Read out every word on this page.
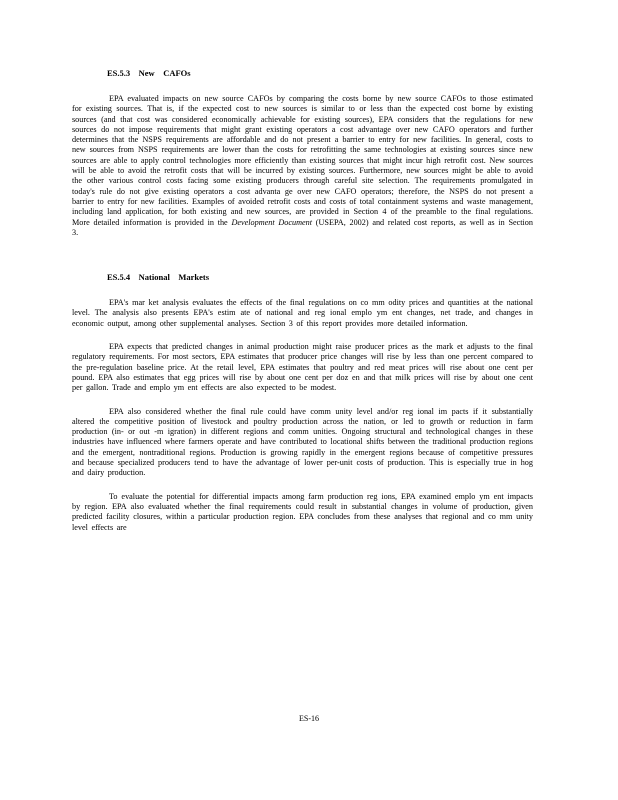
ES.5.3    New    CAFOs

EPA evaluated impacts on new source CAFOs by comparing the costs borne by new source CAFOs to those estimated for existing sources. That is, if the expected cost to new sources is similar to or less than the expected cost borne by existing sources (and that cost was considered economically achievable for existing sources), EPA considers that the regulations for new sources do not impose requirements that might grant existing operators a cost advantage over new CAFO operators and further determines that the NSPS requirements are affordable and do not present a barrier to entry for new facilities. In general, costs to new sources from NSPS requirements are lower than the costs for retrofitting the same technologies at existing sources since new sources are able to apply control technologies more efficiently than existing sources that might incur high retrofit cost. New sources will be able to avoid the retrofit costs that will be incurred by existing sources. Furthermore, new sources might be able to avoid the other various control costs facing some existing producers through careful site selection. The requirements promulgated in today's rule do not give existing operators a cost advanta ge over new CAFO operators; therefore, the NSPS do not present a barrier to entry for new facilities. Examples of avoided retrofit costs and costs of total containment systems and waste management, including land application, for both existing and new sources, are provided in Section 4 of the preamble to the final regulations. More detailed information is provided in the Development Document (USEPA, 2002) and related cost reports, as well as in Section 3.

ES.5.4    National    Markets

EPA's mar ket analysis evaluates the effects of the final regulations on co mm odity prices and quantities at the national level. The analysis also presents EPA's estim ate of national and reg ional emplo ym ent changes, net trade, and changes in economic output, among other supplemental analyses. Section 3 of this report provides more detailed information.

EPA expects that predicted changes in animal production might raise producer prices as the mark et adjusts to the final regulatory requirements. For most sectors, EPA estimates that producer price changes will rise by less than one percent compared to the pre-regulation baseline price. At the retail level, EPA estimates that poultry and red meat prices will rise about one cent per pound. EPA also estimates that egg prices will rise by about one cent per doz en and that milk prices will rise by about one cent per gallon. Trade and emplo ym ent effects are also expected to be modest.

EPA also considered whether the final rule could have comm unity level and/or reg ional im pacts if it substantially altered the competitive position of livestock and poultry production across the nation, or led to growth or reduction in farm production (in- or out -m igration) in different regions and comm unities. Ongoing structural and technological changes in these industries have influenced where farmers operate and have contributed to locational shifts between the traditional production regions and the emergent, nontraditional regions. Production is growing rapidly in the emergent regions because of competitive pressures and because specialized producers tend to have the advantage of lower per-unit costs of production. This is especially true in hog and dairy production.

To evaluate the potential for differential impacts among farm production reg ions, EPA examined emplo ym ent impacts by region. EPA also evaluated whether the final requirements could result in substantial changes in volume of production, given predicted facility closures, within a particular production region. EPA concludes from these analyses that regional and co mm unity level effects are

ES-16
